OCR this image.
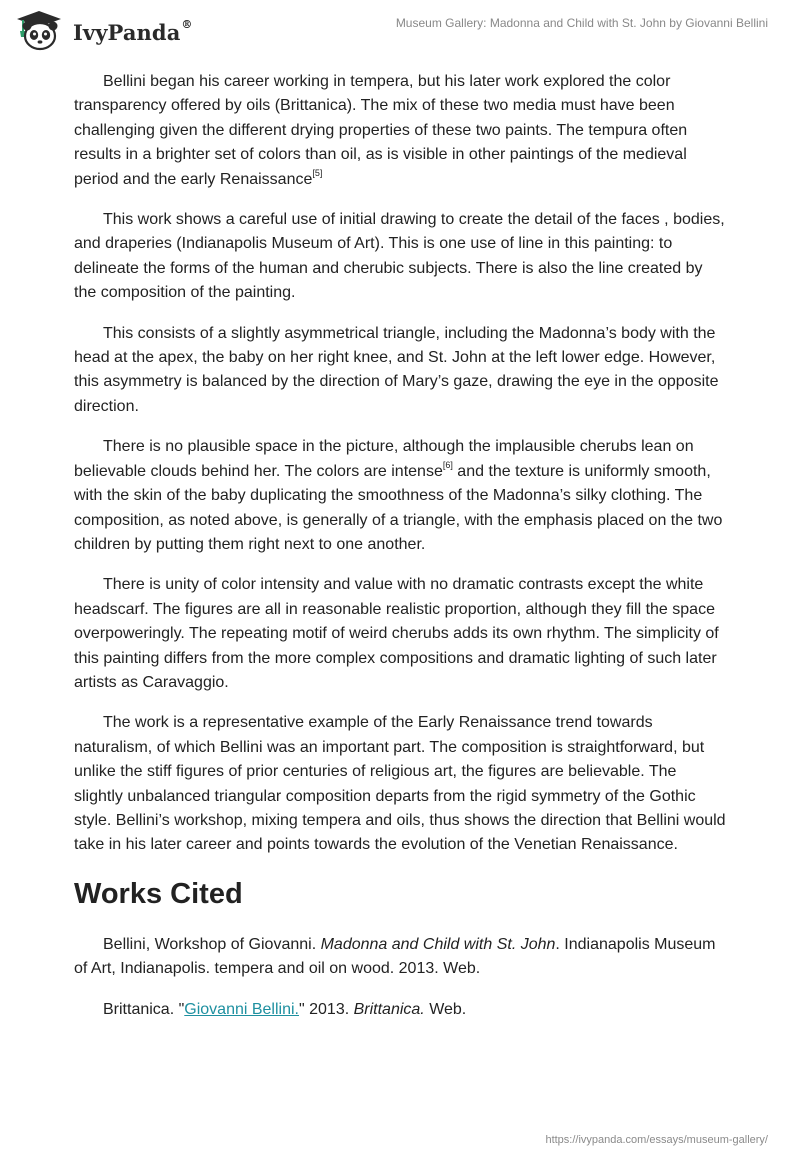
IvyPanda®	Museum Gallery: Madonna and Child with St. John by Giovanni Bellini

Bellini began his career working in tempera, but his later work explored the color transparency offered by oils (Brittanica). The mix of these two media must have been challenging given the different drying properties of these two paints. The tempura often results in a brighter set of colors than oil, as is visible in other paintings of the medieval period and the early Renaissance[5]

This work shows a careful use of initial drawing to create the detail of the faces , bodies, and draperies (Indianapolis Museum of Art). This is one use of line in this painting: to delineate the forms of the human and cherubic subjects. There is also the line created by the composition of the painting.

This consists of a slightly asymmetrical triangle, including the Madonna’s body with the head at the apex, the baby on her right knee, and St. John at the left lower edge. However, this asymmetry is balanced by the direction of Mary’s gaze, drawing the eye in the opposite direction.

There is no plausible space in the picture, although the implausible cherubs lean on believable clouds behind her. The colors are intense[6] and the texture is uniformly smooth, with the skin of the baby duplicating the smoothness of the Madonna’s silky clothing. The composition, as noted above, is generally of a triangle, with the emphasis placed on the two children by putting them right next to one another.

There is unity of color intensity and value with no dramatic contrasts except the white headscarf. The figures are all in reasonable realistic proportion, although they fill the space overpoweringly. The repeating motif of weird cherubs adds its own rhythm. The simplicity of this painting differs from the more complex compositions and dramatic lighting of such later artists as Caravaggio.

The work is a representative example of the Early Renaissance trend towards naturalism, of which Bellini was an important part. The composition is straightforward, but unlike the stiff figures of prior centuries of religious art, the figures are believable. The slightly unbalanced triangular composition departs from the rigid symmetry of the Gothic style. Bellini’s workshop, mixing tempera and oils, thus shows the direction that Bellini would take in his later career and points towards the evolution of the Venetian Renaissance.

Works Cited

Bellini, Workshop of Giovanni. Madonna and Child with St. John. Indianapolis Museum of Art, Indianapolis. tempera and oil on wood. 2013. Web.

Brittanica. "Giovanni Bellini." 2013. Brittanica. Web.

https://ivypanda.com/essays/museum-gallery/
